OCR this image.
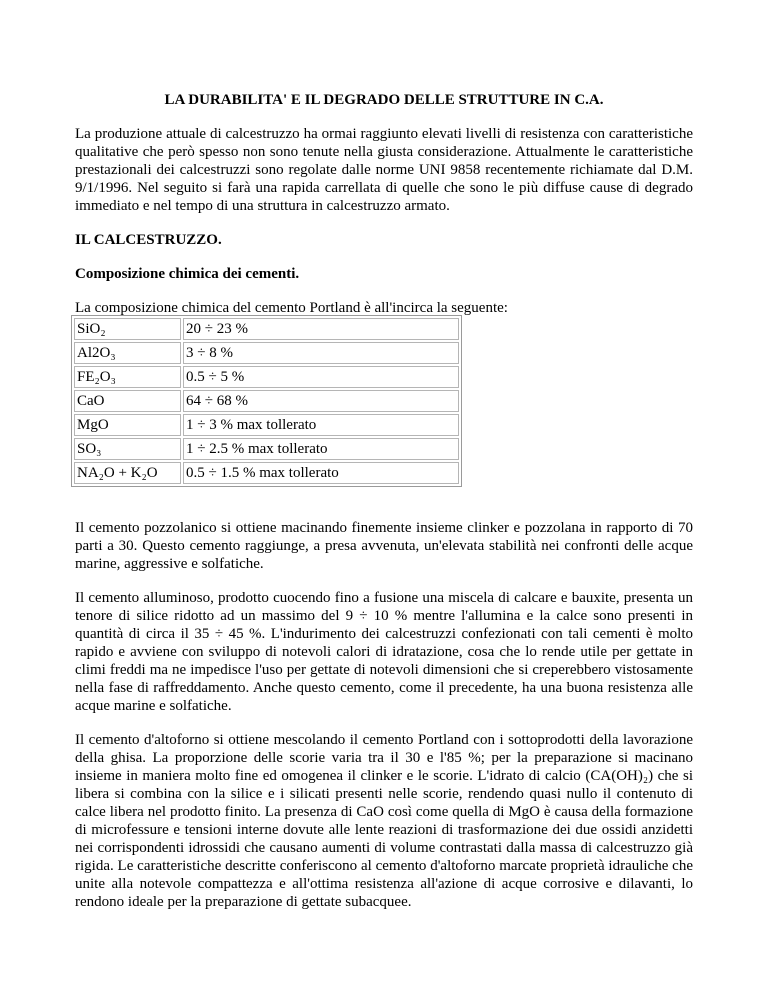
LA DURABILITA' E IL DEGRADO DELLE STRUTTURE IN C.A.

La produzione attuale di calcestruzzo ha ormai raggiunto elevati livelli di resistenza con caratteristiche qualitative che però spesso non sono tenute nella giusta considerazione. Attualmente le caratteristiche prestazionali dei calcestruzzi sono regolate dalle norme UNI 9858 recentemente richiamate dal D.M. 9/1/1996. Nel seguito si farà una rapida carrellata di quelle che sono le più diffuse cause di degrado immediato e nel tempo di una struttura in calcestruzzo armato.

IL CALCESTRUZZO.

Composizione chimica dei cementi.

La composizione chimica del cemento Portland è all'incirca la seguente:

SiO₂	20 ÷ 23 %
Al2O₃	3 ÷ 8 %
FE₂O₃	0.5 ÷ 5 %
CaO	64 ÷ 68 %
MgO	1 ÷ 3 % max tollerato
SO₃	1 ÷ 2.5 % max tollerato
NA₂O + K₂O	0.5 ÷ 1.5 % max tollerato

Il cemento pozzolanico si ottiene macinando finemente insieme clinker e pozzolana in rapporto di 70 parti a 30. Questo cemento raggiunge, a presa avvenuta, un'elevata stabilità nei confronti delle acque marine, aggressive e solfatiche.

Il cemento alluminoso, prodotto cuocendo fino a fusione una miscela di calcare e bauxite, presenta un tenore di silice ridotto ad un massimo del 9 ÷ 10 % mentre l'allumina e la calce sono presenti in quantità di circa il 35 ÷ 45 %. L'indurimento dei calcestruzzi confezionati con tali cementi è molto rapido e avviene con sviluppo di notevoli calori di idratazione, cosa che lo rende utile per gettate in climi freddi ma ne impedisce l'uso per gettate di notevoli dimensioni che si creperebbero vistosamente nella fase di raffreddamento. Anche questo cemento, come il precedente, ha una buona resistenza alle acque marine e solfatiche.

Il cemento d'altoforno si ottiene mescolando il cemento Portland con i sottoprodotti della lavorazione della ghisa. La proporzione delle scorie varia tra il 30 e l'85 %; per la preparazione si macinano insieme in maniera molto fine ed omogenea il clinker e le scorie. L'idrato di calcio (CA(OH)₂) che si libera si combina con la silice e i silicati presenti nelle scorie, rendendo quasi nullo il contenuto di calce libera nel prodotto finito. La presenza di CaO così come quella di MgO è causa della formazione di microfessure e tensioni interne dovute alle lente reazioni di trasformazione dei due ossidi anzidetti nei corrispondenti idrossidi che causano aumenti di volume contrastati dalla massa di calcestruzzo già rigida. Le caratteristiche descritte conferiscono al cemento d'altoforno marcate proprietà idrauliche che unite alla notevole compattezza e all'ottima resistenza all'azione di acque corrosive e dilavanti, lo rendono ideale per la preparazione di gettate subacquee.
